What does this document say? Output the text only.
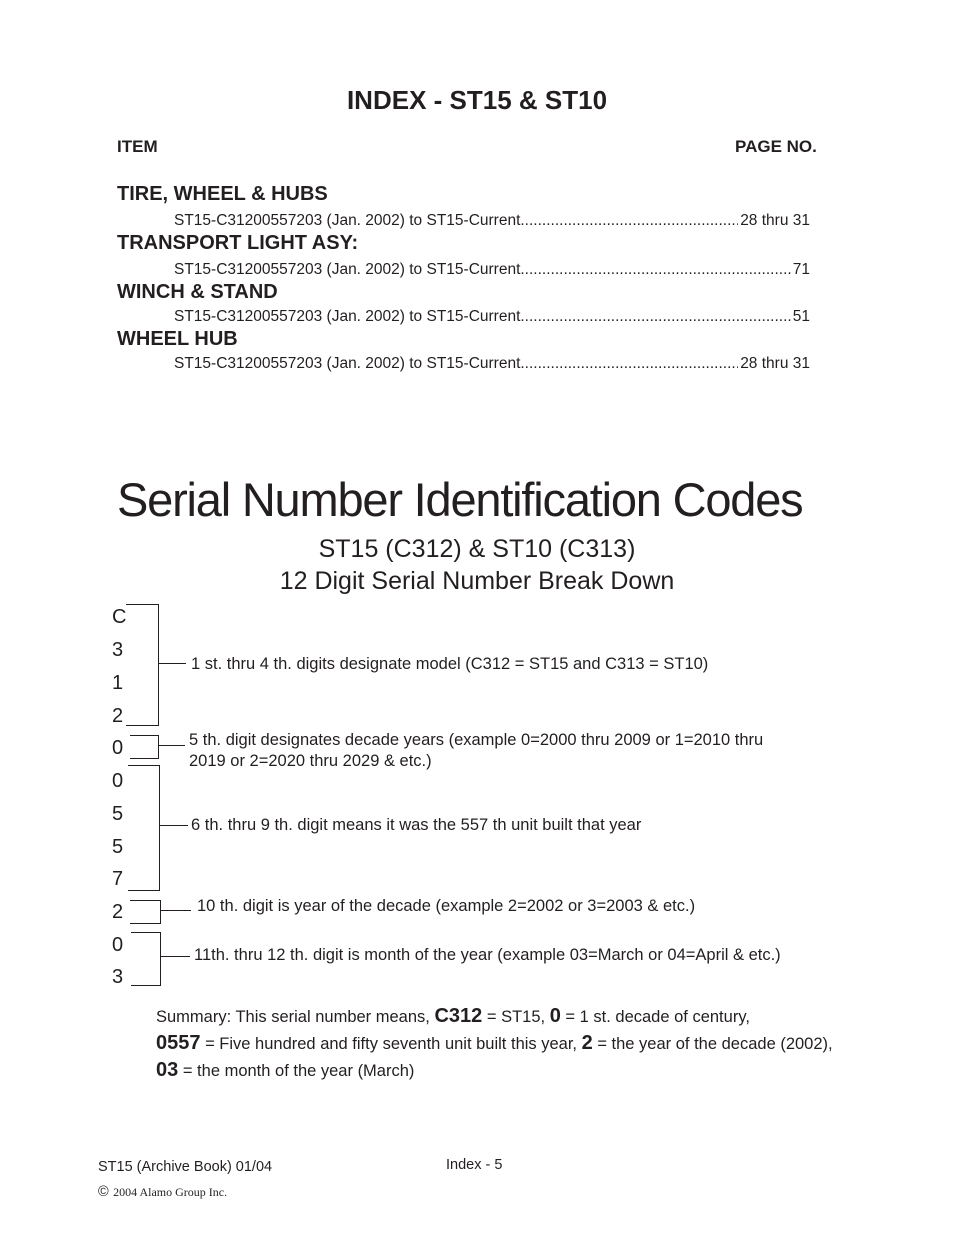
INDEX - ST15 & ST10
ITEM	PAGE NO.
TIRE, WHEEL & HUBS
ST15-C31200557203 (Jan. 2002) to ST15-Current .....	28 thru 31
TRANSPORT LIGHT ASY:
ST15-C31200557203 (Jan. 2002) to ST15-Current .....	71
WINCH & STAND
ST15-C31200557203 (Jan. 2002) to ST15-Current .....	51
WHEEL HUB
ST15-C31200557203 (Jan. 2002) to ST15-Current .....	28 thru 31
Serial Number Identification Codes
ST15 (C312) & ST10 (C313)
12 Digit Serial Number Break Down
C
3
1
2
0
0
5
5
7
2
0
3
1 st. thru 4 th. digits designate model (C312 = ST15 and C313 = ST10)
5 th. digit designates decade years (example 0=2000 thru 2009 or 1=2010 thru
2019 or 2=2020 thru 2029 & etc.)
6 th. thru 9 th. digit means it was the 557 th unit built that year
10 th. digit is year of the decade (example 2=2002 or 3=2003 & etc.)
11th. thru 12 th. digit is month of the year (example 03=March or 04=April & etc.)
Summary: This serial number means, C312 = ST15, 0 = 1 st. decade of century,
0557 = Five hundred and fifty seventh unit built this year, 2 = the year of the decade (2002), 03 = the month of the year (March)
ST15 (Archive Book) 01/04	Index - 5
© 2004 Alamo Group Inc.
